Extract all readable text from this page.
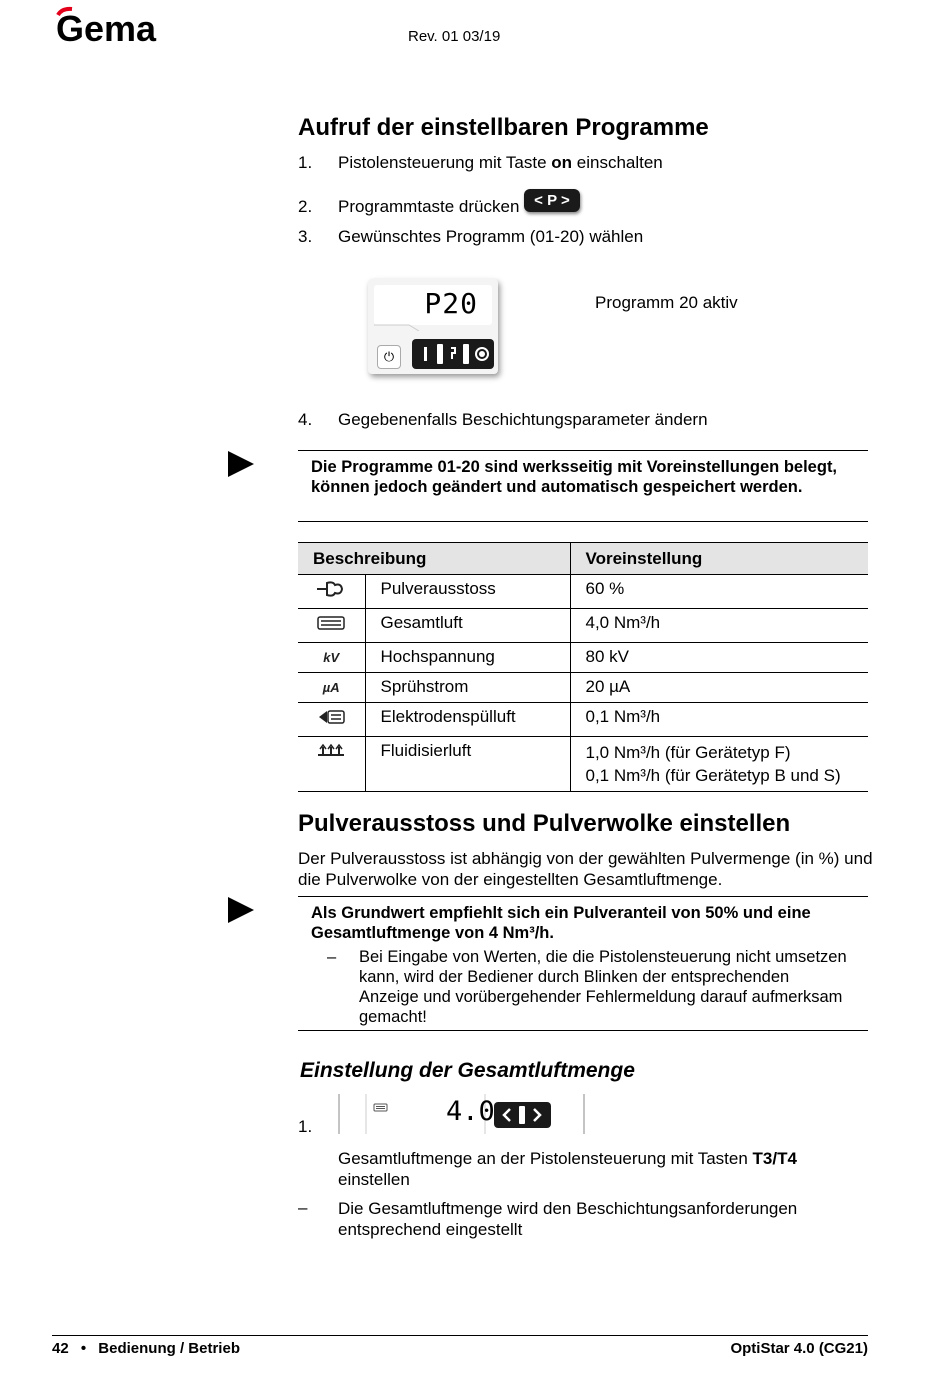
Gema	Rev. 01 03/19
Aufruf der einstellbaren Programme
1. Pistolensteuerung mit Taste on einschalten
2. Programmtaste drücken < P >
3. Gewünschtes Programm (01-20) wählen
P20
⏻
Programm 20 aktiv
4. Gegebenenfalls Beschichtungsparameter ändern
Die Programme 01-20 sind werksseitig mit Voreinstellungen belegt, können jedoch geändert und automatisch gespeichert werden.
Beschreibung		Voreinstellung
	Pulverausstoss	60 %
	Gesamtluft	4,0 Nm³/h
kV	Hochspannung	80 kV
µA	Sprühstrom	20 µA
	Elektrodenspülluft	0,1 Nm³/h
	Fluidisierluft	1,0 Nm³/h (für Gerätetyp F)
0,1 Nm³/h (für Gerätetyp B und S)
Pulverausstoss und Pulverwolke einstellen
Der Pulverausstoss ist abhängig von der gewählten Pulvermenge (in %) und die Pulverwolke von der eingestellten Gesamtluftmenge.
Als Grundwert empfiehlt sich ein Pulveranteil von 50% und eine Gesamtluftmenge von 4 Nm³/h.
–	Bei Eingabe von Werten, die die Pistolensteuerung nicht umsetzen kann, wird der Bediener durch Blinken der entsprechenden Anzeige und vorübergehender Fehlermeldung darauf aufmerksam gemacht!
Einstellung der Gesamtluftmenge
1.	4.0
Gesamtluftmenge an der Pistolensteuerung mit Tasten T3/T4 einstellen
– Die Gesamtluftmenge wird den Beschichtungsanforderungen entsprechend eingestellt
42 • Bedienung / Betrieb	OptiStar 4.0 (CG21)
